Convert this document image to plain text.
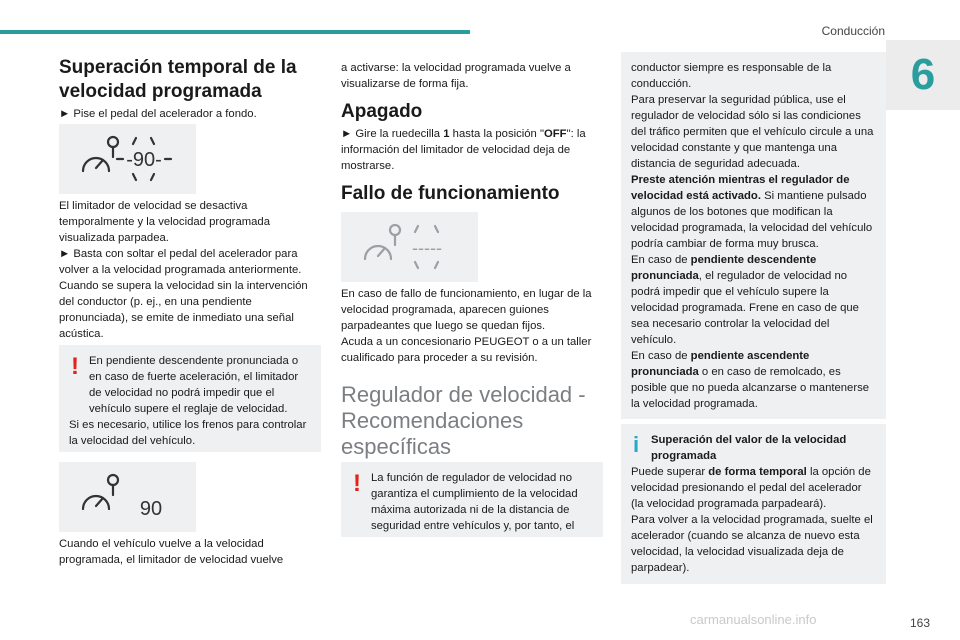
Conducción
6
Superación temporal de la velocidad programada

► Pise el pedal del acelerador a fondo.

-90-

El limitador de velocidad se desactiva temporalmente y la velocidad programada visualizada parpadea.

► Basta con soltar el pedal del acelerador para volver a la velocidad programada anteriormente.

Cuando se supera la velocidad sin la intervención del conductor (p. ej., en una pendiente pronunciada), se emite de inmediato una señal acústica.

! En pendiente descendente pronunciada o en caso de fuerte aceleración, el limitador de velocidad no podrá impedir que el vehículo supere el reglaje de velocidad.

Si es necesario, utilice los frenos para controlar la velocidad del vehículo.

90

Cuando el vehículo vuelve a la velocidad programada, el limitador de velocidad vuelve

a activarse: la velocidad programada vuelve a visualizarse de forma fija.

Apagado

► Gire la ruedecilla 1 hasta la posición "OFF": la información del limitador de velocidad deja de mostrarse.

Fallo de funcionamiento
-----

En caso de fallo de funcionamiento, en lugar de la velocidad programada, aparecen guiones parpadeantes que luego se quedan fijos.

Acuda a un concesionario PEUGEOT o a un taller cualificado para proceder a su revisión.

Regulador de velocidad - Recomendaciones específicas
! La función de regulador de velocidad no garantiza el cumplimiento de la velocidad máxima autorizada ni de la distancia de seguridad entre vehículos y, por tanto, el

conductor siempre es responsable de la conducción.

Para preservar la seguridad pública, use el regulador de velocidad sólo si las condiciones del tráfico permiten que el vehículo circule a una velocidad constante y que mantenga una distancia de seguridad adecuada.

Preste atención mientras el regulador de velocidad está activado. Si mantiene pulsado algunos de los botones que modifican la velocidad programada, la velocidad del vehículo podría cambiar de forma muy brusca.

En caso de pendiente descendente pronunciada, el regulador de velocidad no podrá impedir que el vehículo supere la velocidad programada. Frene en caso de que sea necesario controlar la velocidad del vehículo.

En caso de pendiente ascendente pronunciada o en caso de remolcado, es posible que no pueda alcanzarse o mantenerse la velocidad programada.

i	Superación del valor de la velocidad programada

Puede superar de forma temporal la opción de velocidad presionando el pedal del acelerador (la velocidad programada parpadeará).

Para volver a la velocidad programada, suelte el acelerador (cuando se alcanza de nuevo esta velocidad, la velocidad visualizada deja de parpadear).

carmanualsonline.info	163
